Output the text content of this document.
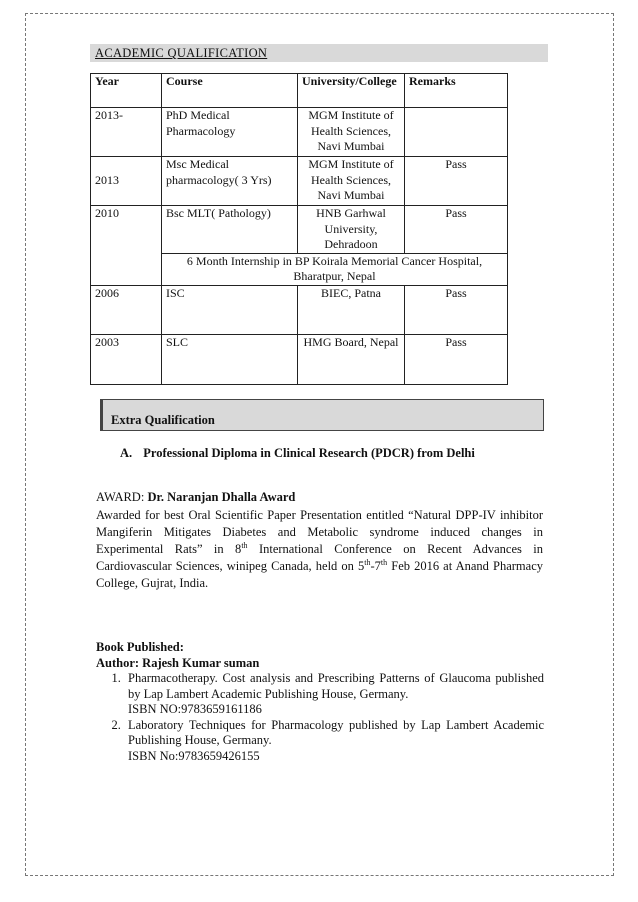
ACADEMIC QUALIFICATION
Year	Course	University/College	Remarks
2013-	PhD Medical Pharmacology	MGM Institute of Health Sciences, Navi Mumbai	
2013	Msc Medical pharmacology( 3 Yrs)	MGM Institute of Health Sciences, Navi Mumbai	Pass
2010	Bsc MLT( Pathology)	HNB Garhwal University, Dehradoon	Pass
	6 Month Internship in BP Koirala Memorial Cancer Hospital, Bharatpur, Nepal		
2006	ISC	BIEC, Patna	Pass
2003	SLC	HMG Board, Nepal	Pass
Extra Qualification
A. Professional Diploma in Clinical Research (PDCR) from Delhi

AWARD: Dr. Naranjan Dhalla Award

Awarded for best Oral Scientific Paper Presentation entitled “Natural DPP-IV inhibitor Mangiferin Mitigates Diabetes and Metabolic syndrome induced changes in Experimental Rats” in 8th International Conference on Recent Advances in Cardiovascular Sciences, winipeg Canada, held on 5th-7th Feb 2016 at Anand Pharmacy College, Gujrat, India.

Book Published:
Author: Rajesh Kumar suman
1. Pharmacotherapy. Cost analysis and Prescribing Patterns of Glaucoma published by Lap Lambert Academic Publishing House, Germany.
ISBN NO:9783659161186
2. Laboratory Techniques for Pharmacology published by Lap Lambert Academic Publishing House, Germany.
ISBN No:9783659426155
